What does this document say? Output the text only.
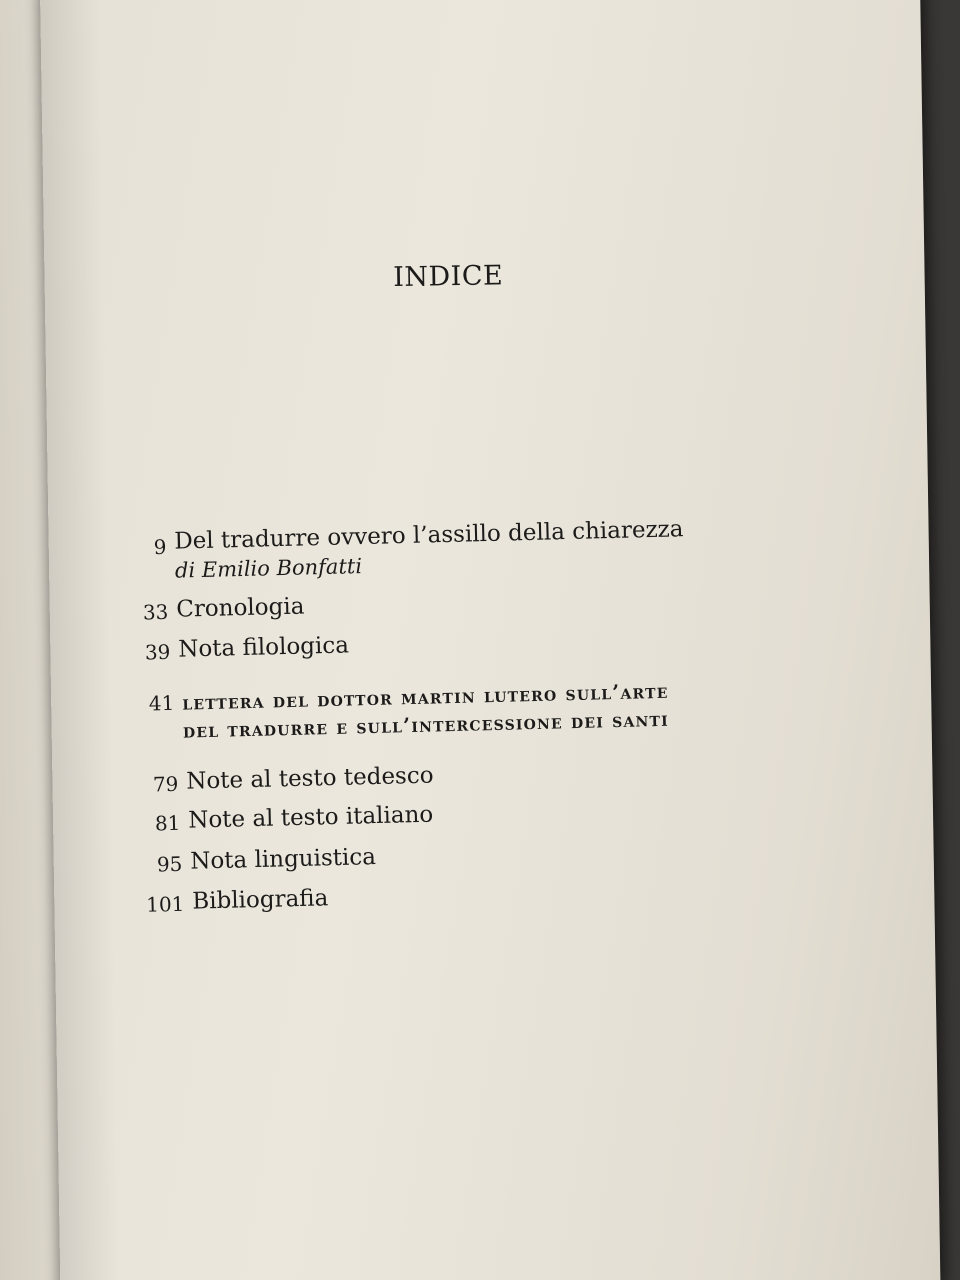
INDICE
9 Del tradurre ovvero l’assillo della chiarezza
di Emilio Bonfatti
33 Cronologia
39 Nota filologica
41 lettera del dottor martin lutero sull’arte
del tradurre e sull’intercessione dei santi
79 Note al testo tedesco
81 Note al testo italiano
95 Nota linguistica
101 Bibliografia
